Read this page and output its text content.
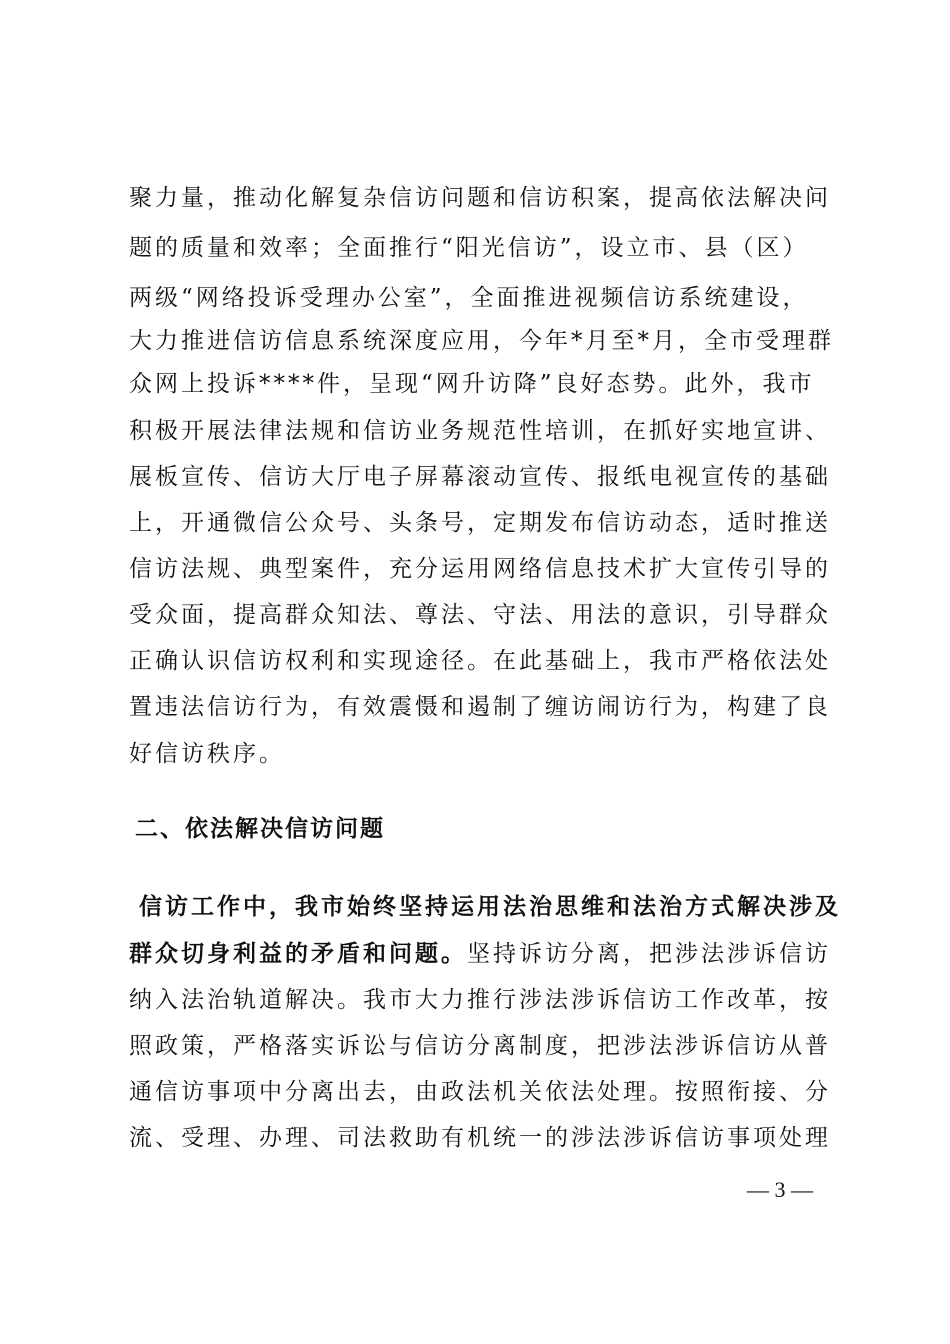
聚力量，推动化解复杂信访问题和信访积案，提高依法解决问
题的质量和效率；全面推行“阳光信访”，设立市、县（区）
两级“网络投诉受理办公室”，全面推进视频信访系统建设，
大力推进信访信息系统深度应用，今年*月至*月，全市受理群
众网上投诉****件，呈现“网升访降”良好态势。此外，我市
积极开展法律法规和信访业务规范性培训，在抓好实地宣讲、
展板宣传、信访大厅电子屏幕滚动宣传、报纸电视宣传的基础
上，开通微信公众号、头条号，定期发布信访动态，适时推送
信访法规、典型案件，充分运用网络信息技术扩大宣传引导的
受众面，提高群众知法、尊法、守法、用法的意识，引导群众
正确认识信访权利和实现途径。在此基础上，我市严格依法处
置违法信访行为，有效震慑和遏制了缠访闹访行为，构建了良
好信访秩序。
二、依法解决信访问题
信访工作中，我市始终坚持运用法治思维和法治方式解决涉及
群众切身利益的矛盾和问题。坚持诉访分离，把涉法涉诉信访
纳入法治轨道解决。我市大力推行涉法涉诉信访工作改革，按
照政策，严格落实诉讼与信访分离制度，把涉法涉诉信访从普
通信访事项中分离出去，由政法机关依法处理。按照衔接、分
流、受理、办理、司法救助有机统一的涉法涉诉信访事项处理
— 3 —
